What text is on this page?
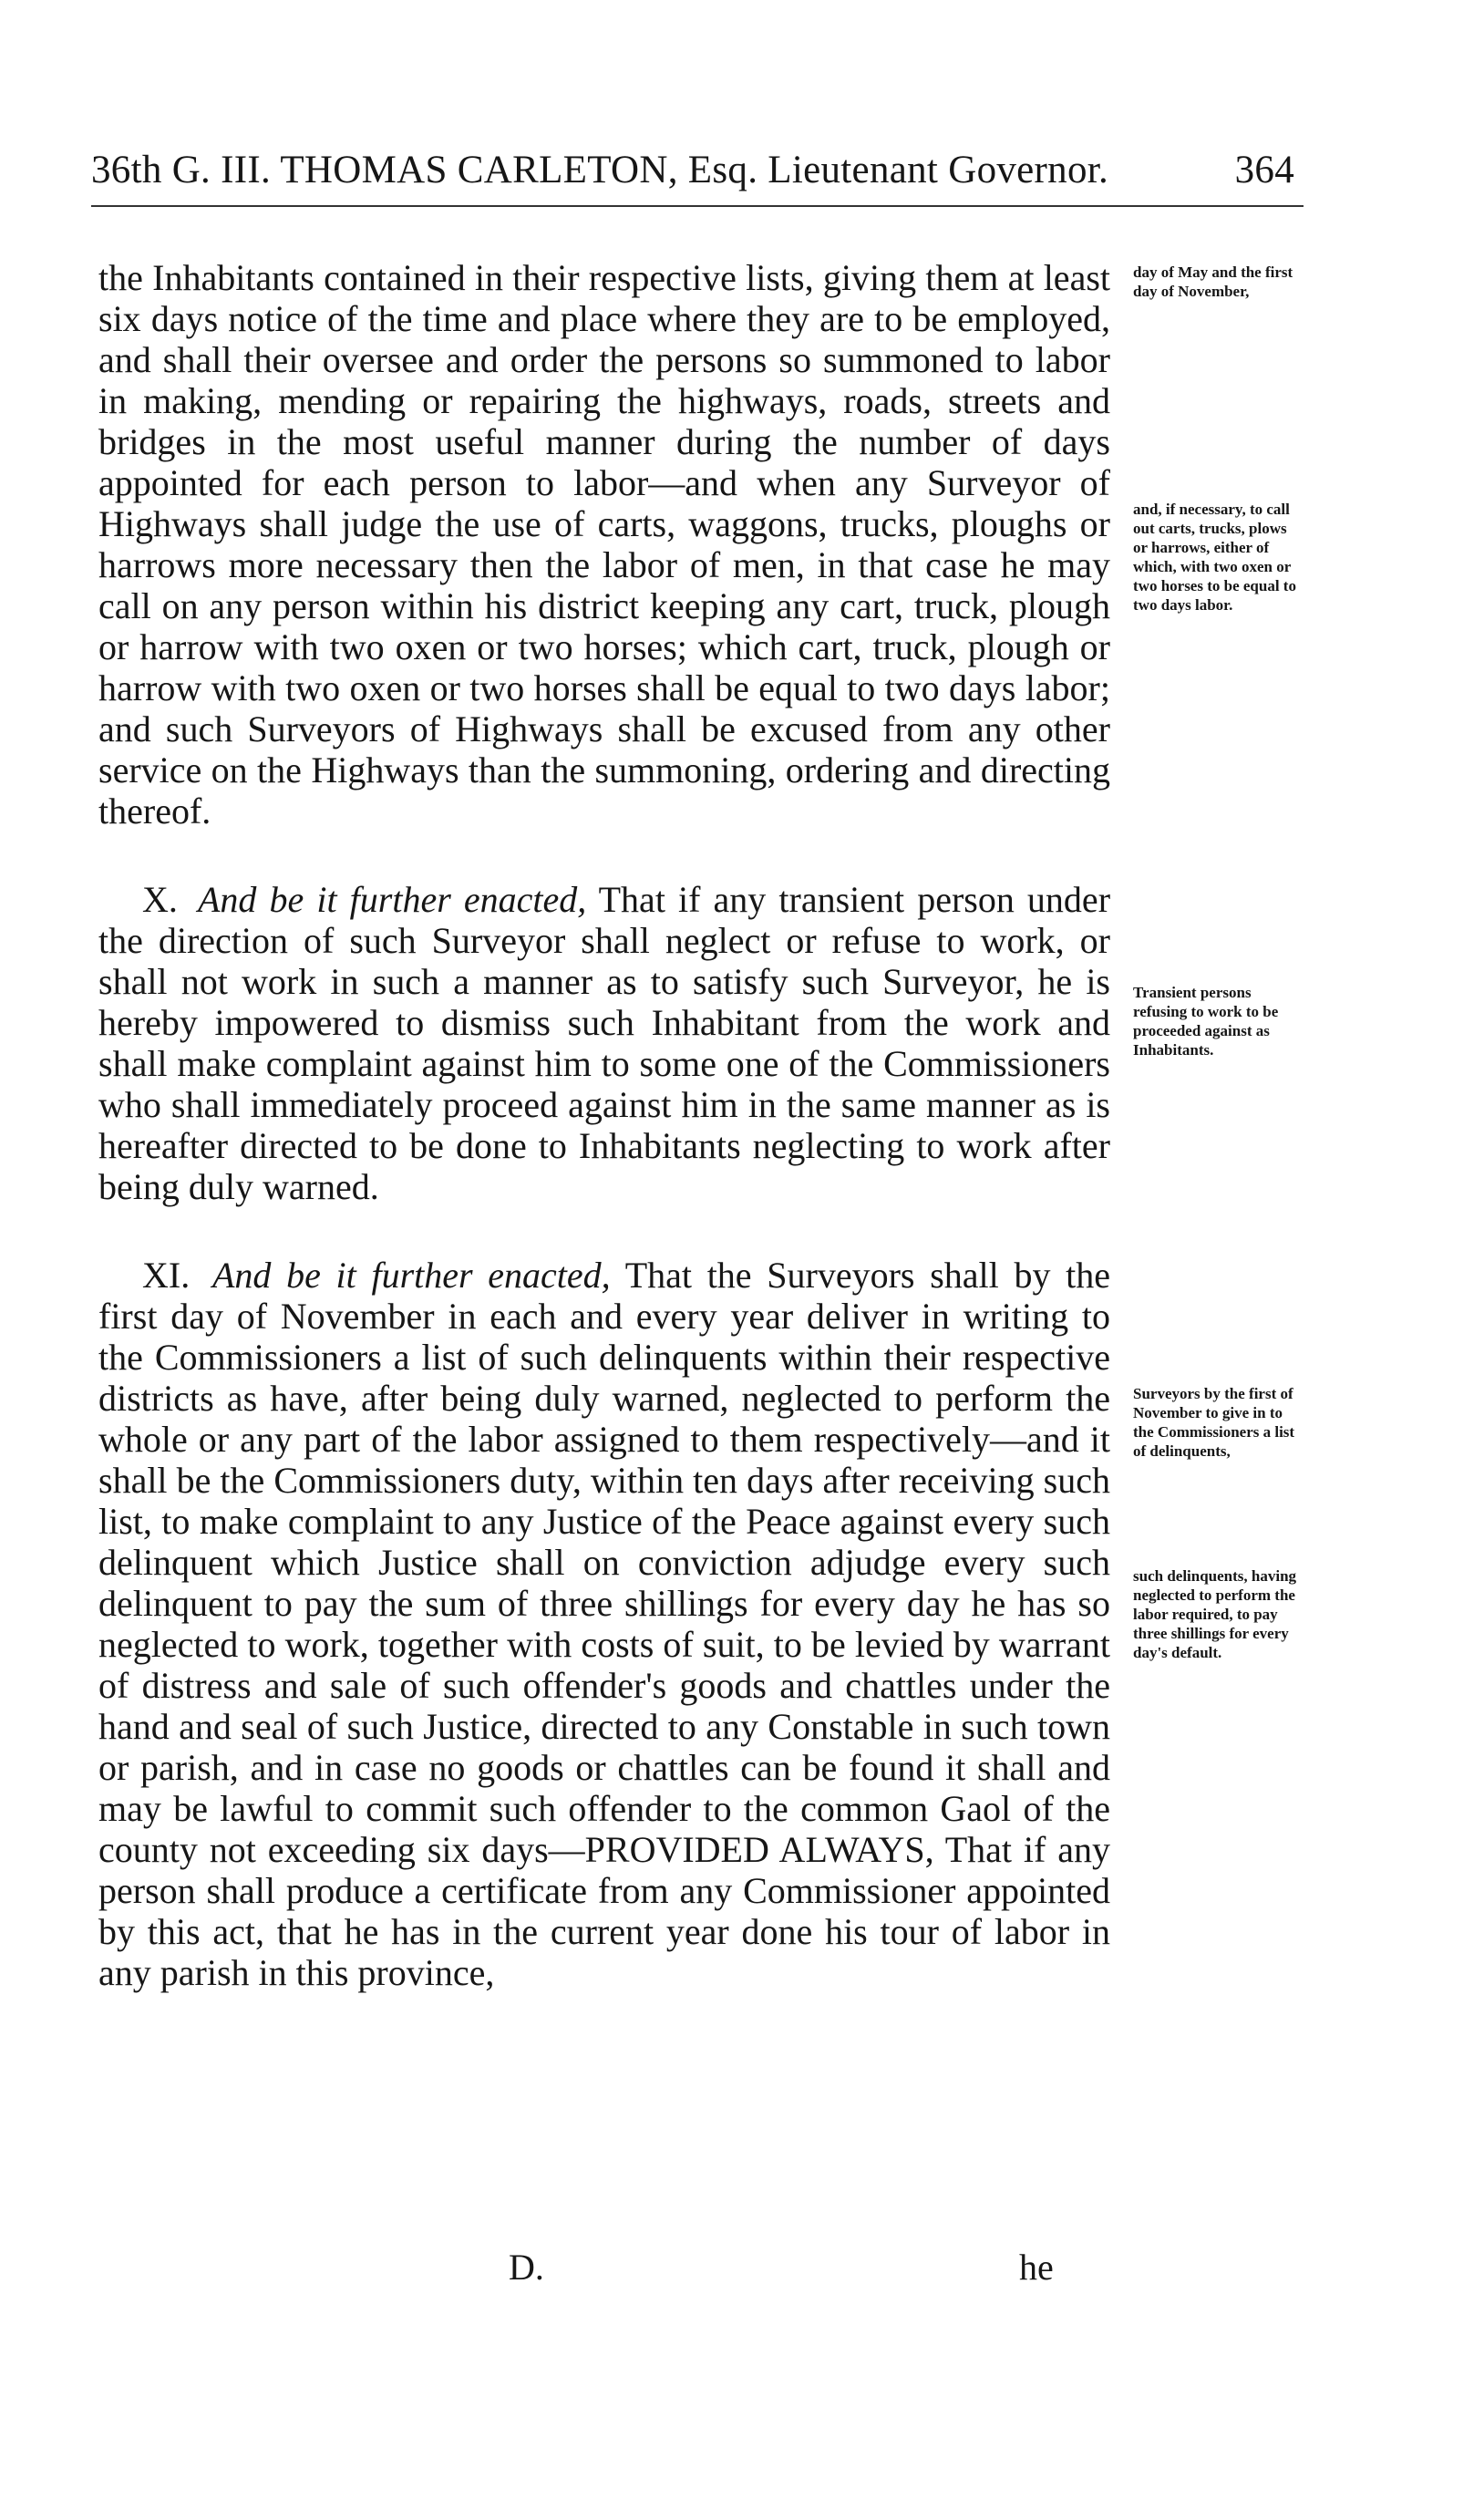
36th G. III. THOMAS CARLETON, Esq. Lieutenant Governor.	364

the Inhabitants contained in their respective lists, giving them at least six days notice of the time and place where they are to be employed, and shall their oversee and order the persons so summoned to labor in making, mending or repairing the highways, roads, streets and bridges in the most useful manner during the number of days appointed for each person to labor—and when any Surveyor of Highways shall judge the use of carts, waggons, trucks, ploughs or harrows more necessary then the labor of men, in that case he may call on any person within his district keeping any cart, truck, plough or harrow with two oxen or two horses; which cart, truck, plough or harrow with two oxen or two horses shall be equal to two days labor; and such Surveyors of Highways shall be excused from any other service on the Highways than the summoning, ordering and directing thereof.

X. And be it further enacted, That if any transient person under the direction of such Surveyor shall neglect or refuse to work, or shall not work in such a manner as to satisfy such Surveyor, he is hereby impowered to dismiss such Inhabitant from the work and shall make complaint against him to some one of the Commissioners who shall immediately proceed against him in the same manner as is hereafter directed to be done to Inhabitants neglecting to work after being duly warned.

XI. And be it further enacted, That the Surveyors shall by the first day of November in each and every year deliver in writing to the Commissioners a list of such delinquents within their respective districts as have, after being duly warned, neglected to perform the whole or any part of the labor assigned to them respectively—and it shall be the Commissioners duty, within ten days after receiving such list, to make complaint to any Justice of the Peace against every such delinquent which Justice shall on conviction adjudge every such delinquent to pay the sum of three shillings for every day he has so neglected to work, together with costs of suit, to be levied by warrant of distress and sale of such offender's goods and chattles under the hand and seal of such Justice, directed to any Constable in such town or parish, and in case no goods or chattles can be found it shall and may be lawful to commit such offender to the common Gaol of the county not exceeding six days—PROVIDED ALWAYS, That if any person shall produce a certificate from any Commissioner appointed by this act, that he has in the current year done his tour of labor in any parish in this province,

D.	he
day of May and the first day of November,
and, if necessary, to call out carts, trucks, plows or harrows, either of which, with two oxen or two horses to be equal to two days labor.
Transient persons refusing to work to be proceeded against as Inhabitants.
Surveyors by the first of November to give in to the Commissioners a list of delinquents,
such delinquents, having neglected to perform the labor required, to pay three shillings for every day's default.
